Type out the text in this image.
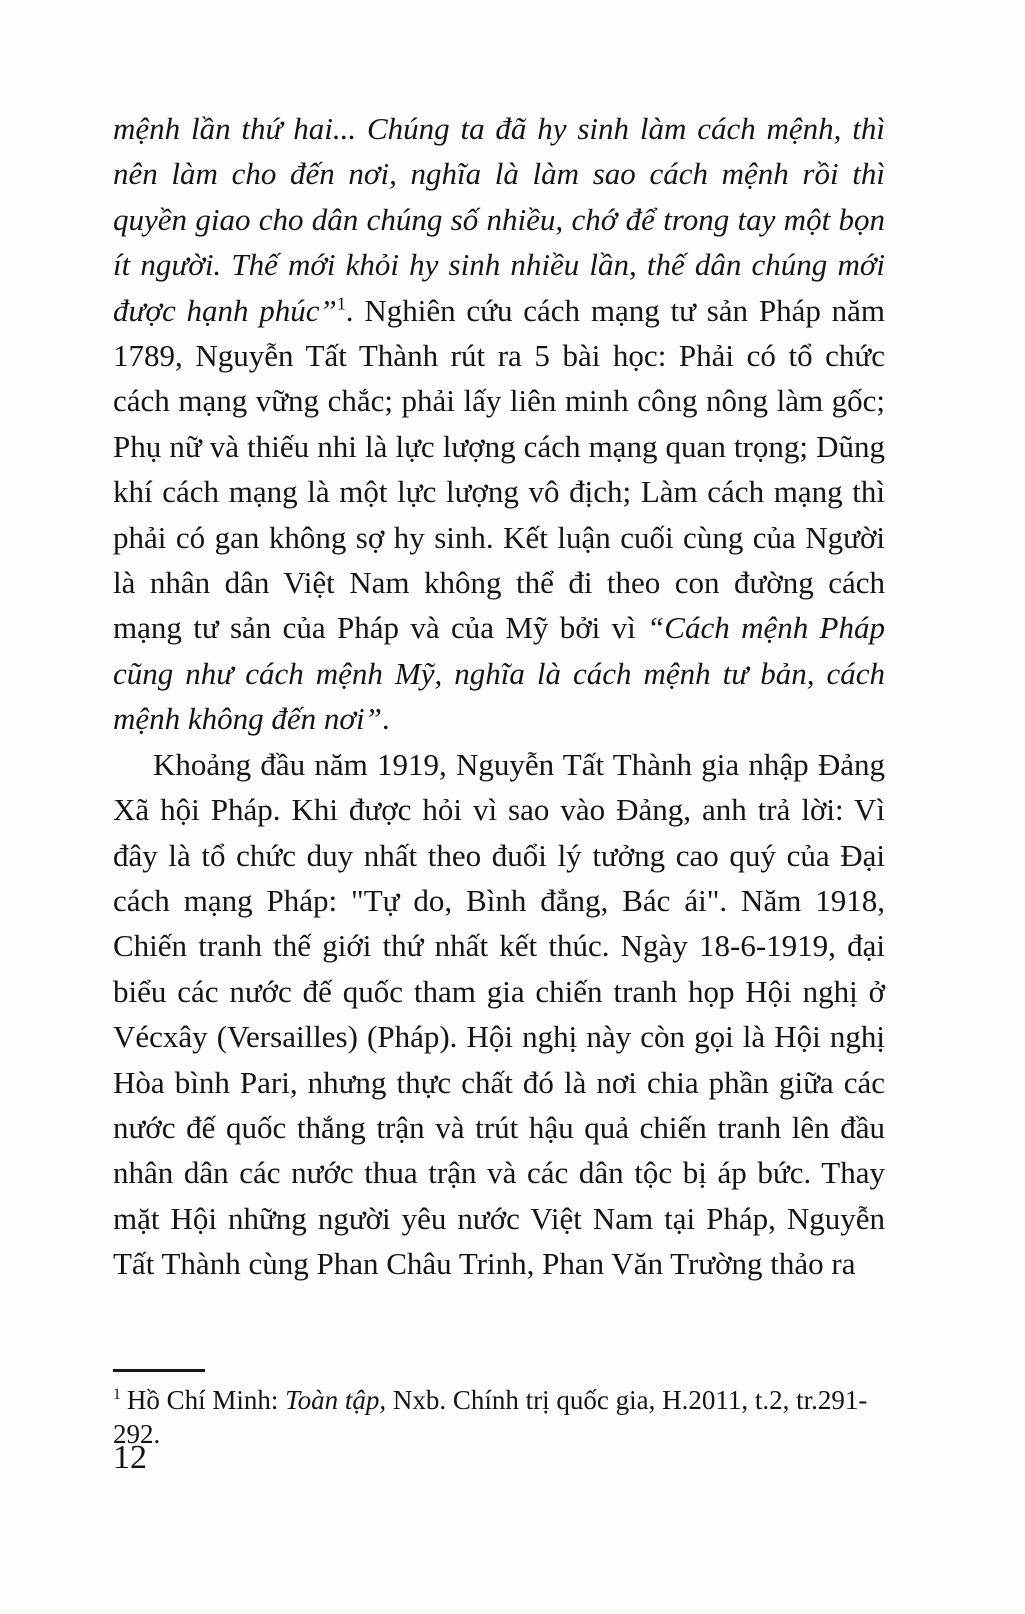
mệnh lần thứ hai... Chúng ta đã hy sinh làm cách mệnh, thì nên làm cho đến nơi, nghĩa là làm sao cách mệnh rồi thì quyền giao cho dân chúng số nhiều, chớ để trong tay một bọn ít người. Thế mới khỏi hy sinh nhiều lần, thế dân chúng mới được hạnh phúc”$^1$. Nghiên cứu cách mạng tư sản Pháp năm 1789, Nguyễn Tất Thành rút ra 5 bài học: Phải có tổ chức cách mạng vững chắc; phải lấy liên minh công nông làm gốc; Phụ nữ và thiếu nhi là lực lượng cách mạng quan trọng; Dũng khí cách mạng là một lực lượng vô địch; Làm cách mạng thì phải có gan không sợ hy sinh. Kết luận cuối cùng của Người là nhân dân Việt Nam không thể đi theo con đường cách mạng tư sản của Pháp và của Mỹ bởi vì “Cách mệnh Pháp cũng như cách mệnh Mỹ, nghĩa là cách mệnh tư bản, cách mệnh không đến nơi”.

Khoảng đầu năm 1919, Nguyễn Tất Thành gia nhập Đảng Xã hội Pháp. Khi được hỏi vì sao vào Đảng, anh trả lời: Vì đây là tổ chức duy nhất theo đuổi lý tưởng cao quý của Đại cách mạng Pháp: "Tự do, Bình đẳng, Bác ái". Năm 1918, Chiến tranh thế giới thứ nhất kết thúc. Ngày 18-6-1919, đại biểu các nước đế quốc tham gia chiến tranh họp Hội nghị ở Vécxây (Versailles) (Pháp). Hội nghị này còn gọi là Hội nghị Hòa bình Pari, nhưng thực chất đó là nơi chia phần giữa các nước đế quốc thắng trận và trút hậu quả chiến tranh lên đầu nhân dân các nước thua trận và các dân tộc bị áp bức. Thay mặt Hội những người yêu nước Việt Nam tại Pháp, Nguyễn Tất Thành cùng Phan Châu Trinh, Phan Văn Trường thảo ra

$^1$ Hồ Chí Minh: Toàn tập, Nxb. Chính trị quốc gia, H.2011, t.2, tr.291-292.

12
